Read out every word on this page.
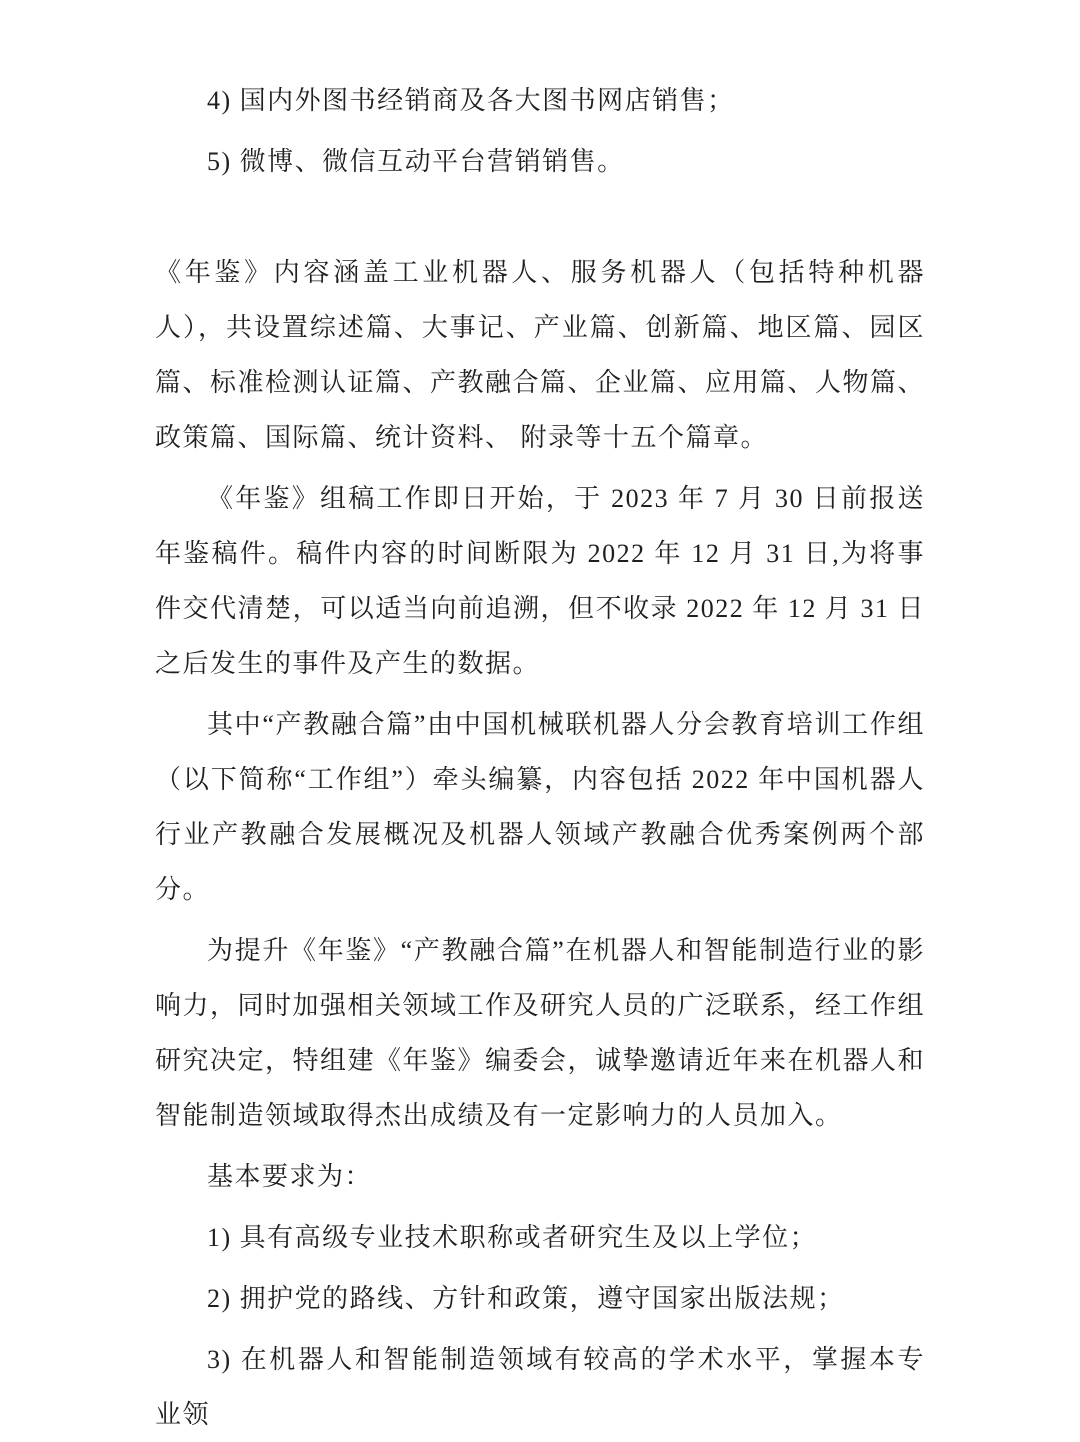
4) 国内外图书经销商及各大图书网店销售；
5) 微博、微信互动平台营销销售。
《年鉴》内容涵盖工业机器人、服务机器人（包括特种机器人），共设置综述篇、大事记、产业篇、创新篇、地区篇、园区篇、标准检测认证篇、产教融合篇、企业篇、应用篇、人物篇、政策篇、国际篇、统计资料、 附录等十五个篇章。
《年鉴》组稿工作即日开始，于 2023 年 7 月 30 日前报送年鉴稿件。稿件内容的时间断限为 2022 年 12 月 31 日,为将事件交代清楚，可以适当向前追溯，但不收录 2022 年 12 月 31 日之后发生的事件及产生的数据。
其中“产教融合篇”由中国机械联机器人分会教育培训工作组（以下简称“工作组”）牵头编纂，内容包括 2022 年中国机器人行业产教融合发展概况及机器人领域产教融合优秀案例两个部分。
为提升《年鉴》“产教融合篇”在机器人和智能制造行业的影响力，同时加强相关领域工作及研究人员的广泛联系，经工作组研究决定，特组建《年鉴》编委会，诚挚邀请近年来在机器人和智能制造领域取得杰出成绩及有一定影响力的人员加入。
基本要求为：
1) 具有高级专业技术职称或者研究生及以上学位；
2) 拥护党的路线、方针和政策，遵守国家出版法规；
3) 在机器人和智能制造领域有较高的学术水平，掌握本专业领
